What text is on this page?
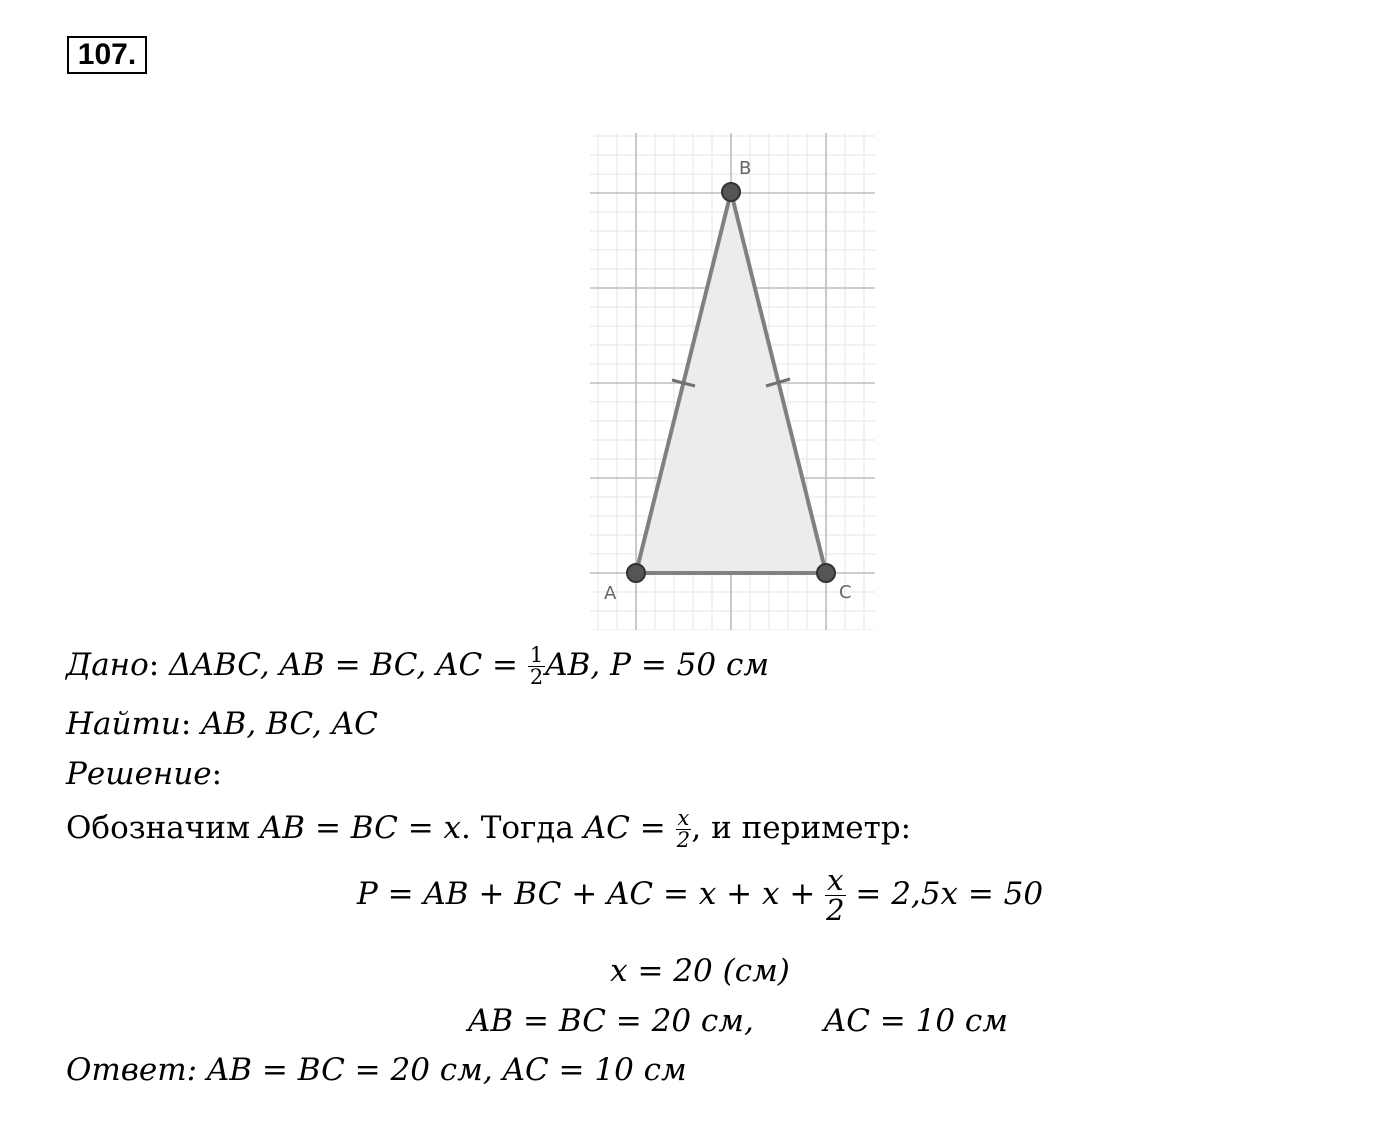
107.
B
A	C
Дано: ΔABC, AB = BC, AC = $\frac{1}{2}$ AB, P = 50 см
Найти: AB, BC, AC
Решение:
Обозначим AB = BC = x. Тогда AC = $\frac{x}{2}$ , и периметр:
P = AB + BC + AC = $x + x + \frac{x}{2} = 2,5x = 50$
x = 20 (см)
AB = BC = 20 см, AC = 10 см
Ответ: AB = BC = 20 см, AC = 10 см
